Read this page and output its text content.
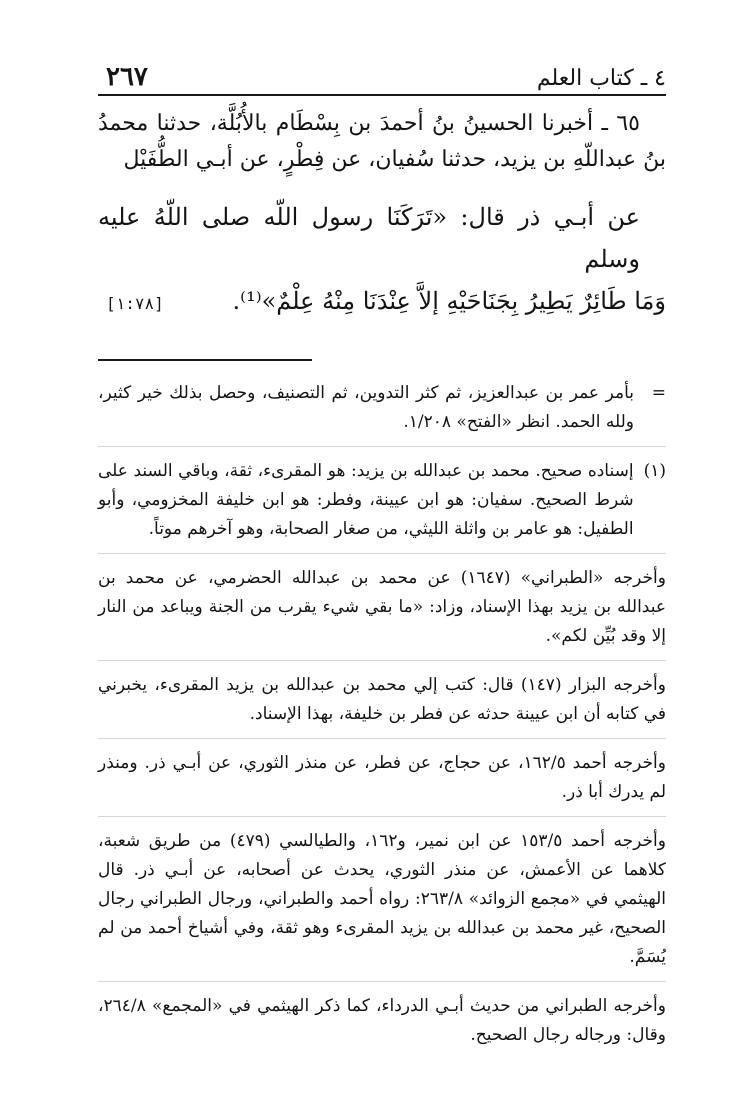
٤ ـ كتاب العلم
٢٦٧

٦٥ ـ أخبرنا الحسينُ بنُ أحمدَ بن بِسْطَام بالأُبُلَّة، حدثنا محمدُ بنُ عبداللّهِ بن يزيد، حدثنا سُفيان، عن فِطْرٍ، عن أبـي الطُّفَيْل

عن أبـي ذر قال: «تَرَكَنَا رسول اللّه صلى اللّهُ عليه وسلم
وَمَا طَائِرٌ يَطِيرُ بِجَنَاحَيْهِ إلاَّ عِنْدَنَا مِنْهُ عِلْمٌ»⁽¹⁾.
[١:٧٨]
=
بأمر عمر بن عبدالعزيز، ثم كثر التدوين، ثم التصنيف، وحصل بذلك خير كثير، ولله الحمد. انظر «الفتح» ١/٢٠٨.
(١)
إسناده صحيح. محمد بن عبدالله بن يزيد: هو المقرىء، ثقة، وباقي السند على شرط الصحيح. سفيان: هو ابن عيينة، وفطر: هو ابن خليفة المخزومي، وأبو الطفيل: هو عامر بن واثلة الليثي، من صغار الصحابة، وهو آخرهم موتاً.

وأخرجه «الطبراني» (١٦٤٧) عن محمد بن عبدالله الحضرمي، عن محمد بن عبدالله بن يزيد بهذا الإسناد، وزاد: «ما بقي شيء يقرب من الجنة ويباعد من النار إلا وقد بُيِّن لكم».

وأخرجه البزار (١٤٧) قال: كتب إلي محمد بن عبدالله بن يزيد المقرىء، يخبرني في كتابه أن ابن عيينة حدثه عن فطر بن خليفة، بهذا الإسناد.

وأخرجه أحمد ١٦٢/٥، عن حجاج، عن فطر، عن منذر الثوري، عن أبـي ذر. ومنذر لم يدرك أبا ذر.

وأخرجه أحمد ١٥٣/٥ عن ابن نمير، و١٦٢، والطيالسي (٤٧٩) من طريق شعبة، كلاهما عن الأعمش، عن منذر الثوري، يحدث عن أصحابه، عن أبـي ذر. قال الهيثمي في «مجمع الزوائد» ٢٦٣/٨: رواه أحمد والطبراني، ورجال الطبراني رجال الصحيح، غير محمد بن عبدالله بن يزيد المقرىء وهو ثقة، وفي أشياخ أحمد من لم يُسَمَّ.

وأخرجه الطبراني من حديث أبـي الدرداء، كما ذكر الهيثمي في «المجمع» ٢٦٤/٨، وقال: ورجاله رجال الصحيح.
